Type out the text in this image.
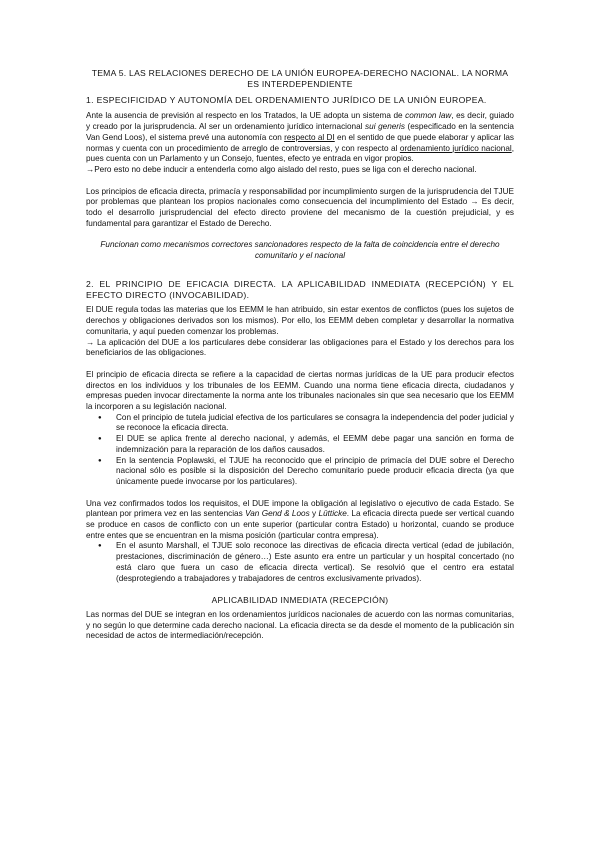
TEMA 5. LAS RELACIONES DERECHO DE LA UNIÓN EUROPEA-DERECHO NACIONAL. LA NORMA ES INTERDEPENDIENTE
1. ESPECIFICIDAD Y AUTONOMÍA DEL ORDENAMIENTO JURÍDICO DE LA UNIÓN EUROPEA.

Ante la ausencia de previsión al respecto en los Tratados, la UE adopta un sistema de common law, es decir, guiado y creado por la jurisprudencia. Al ser un ordenamiento jurídico internacional sui generis (especificado en la sentencia Van Gend Loos), el sistema prevé una autonomía con respecto al DI en el sentido de que puede elaborar y aplicar las normas y cuenta con un procedimiento de arreglo de controversias, y con respecto al ordenamiento jurídico nacional, pues cuenta con un Parlamento y un Consejo, fuentes, efecto ye entrada en vigor propios.

→Pero esto no debe inducir a entenderla como algo aislado del resto, pues se liga con el derecho nacional.

Los principios de eficacia directa, primacía y responsabilidad por incumplimiento surgen de la jurisprudencia del TJUE por problemas que plantean los propios nacionales como consecuencia del incumplimiento del Estado → Es decir, todo el desarrollo jurisprudencial del efecto directo proviene del mecanismo de la cuestión prejudicial, y es fundamental para garantizar el Estado de Derecho.

Funcionan como mecanismos correctores sancionadores respecto de la falta de coincidencia entre el derecho comunitario y el nacional

2. EL PRINCIPIO DE EFICACIA DIRECTA. LA APLICABILIDAD INMEDIATA (RECEPCIÓN) Y EL EFECTO DIRECTO (INVOCABILIDAD).

El DUE regula todas las materias que los EEMM le han atribuido, sin estar exentos de conflictos (pues los sujetos de derechos y obligaciones derivados son los mismos). Por ello, los EEMM deben completar y desarrollar la normativa comunitaria, y aquí pueden comenzar los problemas.

→ La aplicación del DUE a los particulares debe considerar las obligaciones para el Estado y los derechos para los beneficiarios de las obligaciones.

El principio de eficacia directa se refiere a la capacidad de ciertas normas jurídicas de la UE para producir efectos directos en los individuos y los tribunales de los EEMM. Cuando una norma tiene eficacia directa, ciudadanos y empresas pueden invocar directamente la norma ante los tribunales nacionales sin que sea necesario que los EEMM la incorporen a su legislación nacional.

● Con el principio de tutela judicial efectiva de los particulares se consagra la independencia del poder judicial y se reconoce la eficacia directa.
● El DUE se aplica frente al derecho nacional, y además, el EEMM debe pagar una sanción en forma de indemnización para la reparación de los daños causados.
● En la sentencia Poplawski, el TJUE ha reconocido que el principio de primacía del DUE sobre el Derecho nacional sólo es posible si la disposición del Derecho comunitario puede producir eficacia directa (ya que únicamente puede invocarse por los particulares).

Una vez confirmados todos los requisitos, el DUE impone la obligación al legislativo o ejecutivo de cada Estado. Se plantean por primera vez en las sentencias Van Gend & Loos y Lütticke. La eficacia directa puede ser vertical cuando se produce en casos de conflicto con un ente superior (particular contra Estado) u horizontal, cuando se produce entre entes que se encuentran en la misma posición (particular contra empresa).

● En el asunto Marshall, el TJUE solo reconoce las directivas de eficacia directa vertical (edad de jubilación, prestaciones, discriminación de género…) Este asunto era entre un particular y un hospital concertado (no está claro que fuera un caso de eficacia directa vertical). Se resolvió que el centro era estatal (desprotegiendo a trabajadores y trabajadores de centros exclusivamente privados).

APLICABILIDAD INMEDIATA (RECEPCIÓN)

Las normas del DUE se integran en los ordenamientos jurídicos nacionales de acuerdo con las normas comunitarias, y no según lo que determine cada derecho nacional. La eficacia directa se da desde el momento de la publicación sin necesidad de actos de intermediación/recepción.
